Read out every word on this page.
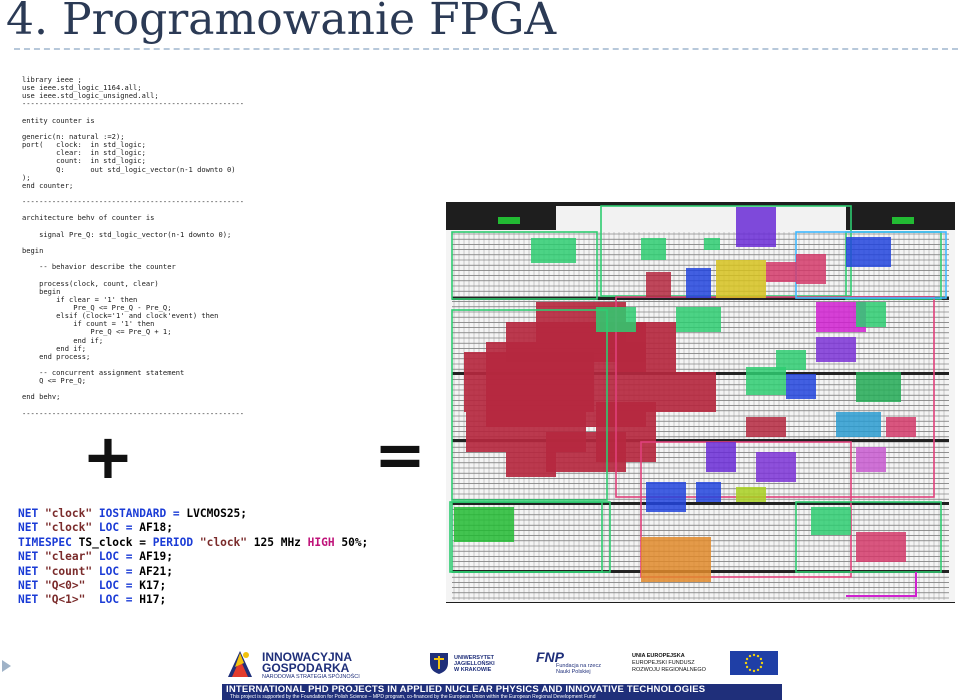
4. Programowanie FPGA
library ieee ;
use ieee.std_logic_1164.all;
use ieee.std_logic_unsigned.all;
----------------------------------------------------
entity counter is
generic(n: natural :=2);
port(   clock:  in std_logic;
clear:  in std_logic;
count:  in std_logic;
Q:      out std_logic_vector(n-1 downto 0)
);
end counter;
----------------------------------------------------
architecture behv of counter is
signal Pre_Q: std_logic_vector(n-1 downto 0);
begin
-- behavior describe the counter
process(clock, count, clear)
begin
if clear = '1' then
Pre_Q <= Pre_Q - Pre_Q;
elsif (clock='1' and clock'event) then
if count = '1' then
Pre_Q <= Pre_Q + 1;
end if;
end if;
end process;
-- concurrent assignment statement
Q <= Pre_Q;
end behv;
----------------------------------------------------
+	=
NET "clock" IOSTANDARD = LVCMOS25;
NET "clock" LOC = AF18;
TIMESPEC TS_clock = PERIOD "clock" 125 MHz HIGH 50%;
NET "clear" LOC = AF19;
NET "count" LOC = AF21;
NET "Q<0>"  LOC = K17;
NET "Q<1>"  LOC = H17;
INNOWACYJNA
GOSPODARKA
NARODOWA STRATEGIA SPÓJNOŚCI
UNIWERSYTET
JAGIELLOŃSKI
W KRAKOWIE
FNP
Fundacja na rzecz
Nauki Polskiej
UNIA EUROPEJSKA
EUROPEJSKI FUNDUSZ
ROZWOJU REGIONALNEGO
INTERNATIONAL PHD PROJECTS IN APPLIED NUCLEAR PHYSICS AND INNOVATIVE TECHNOLOGIES
This project is supported by the Foundation for Polish Science – MPD program, co-financed by the European Union within the European Regional Development Fund
